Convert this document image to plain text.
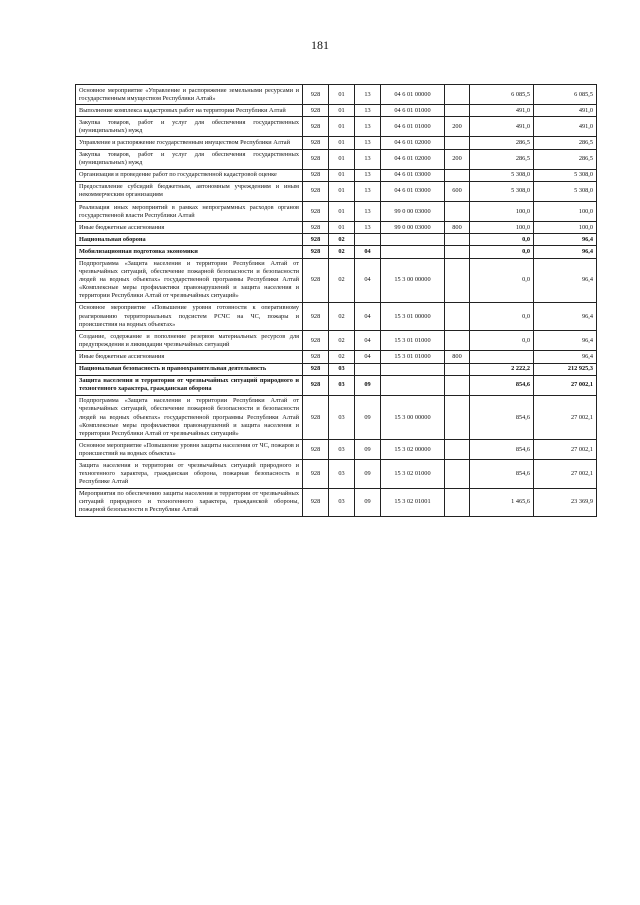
181
Основное мероприятие «Управление и распоряжение земельными ресурсами и государственным имуществом Республики Алтай»	928	01	13	04 6 01 00000		6 085,5	6 085,5
Выполнение комплекса кадастровых работ на территории Республики Алтай	928	01	13	04 6 01 01000		491,0	491,0
Закупка товаров, работ и услуг для обеспечения государственных (муниципальных) нужд	928	01	13	04 6 01 01000	200	491,0	491,0
Управление и распоряжение государственным имуществом Республики Алтай	928	01	13	04 6 01 02000		286,5	286,5
Закупка товаров, работ и услуг для обеспечения государственных (муниципальных) нужд	928	01	13	04 6 01 02000	200	286,5	286,5
Организация и проведение работ по государственной кадастровой оценке	928	01	13	04 6 01 03000		5 308,0	5 308,0
Предоставление субсидий бюджетным, автономным учреждениям и иным некоммерческим организациям	928	01	13	04 6 01 03000	600	5 308,0	5 308,0
Реализация иных мероприятий в рамках непрограммных расходов органов государственной власти Республики Алтай	928	01	13	99 0 00 03000		100,0	100,0
Иные бюджетные ассигнования	928	01	13	99 0 00 03000	800	100,0	100,0
Национальная оборона	928	02				0,0	96,4
Мобилизационная подготовка экономики	928	02	04			0,0	96,4
Подпрограмма «Защита населения и территории Республики Алтай от чрезвычайных ситуаций, обеспечение пожарной безопасности и безопасности людей на водных объектах» государственной программы Республики Алтай «Комплексные меры профилактики правонарушений и защита населения и территории Республики Алтай от чрезвычайных ситуаций»	928	02	04	15 3 00 00000		0,0	96,4
Основное мероприятие «Повышение уровня готовности к оперативному реагированию территориальных подсистем РСЧС на ЧС, пожары и происшествия на водных объектах»	928	02	04	15 3 01 00000		0,0	96,4
Создание, содержание и пополнение резервов материальных ресурсов для предупреждения и ликвидации чрезвычайных ситуаций	928	02	04	15 3 01 01000		0,0	96,4
Иные бюджетные ассигнования	928	02	04	15 3 01 01000	800		96,4
Национальная безопасность и правоохранительная деятельность	928	03				2 222,2	212 925,3
Защита населения и территории от чрезвычайных ситуаций природного и техногенного характера, гражданская оборона	928	03	09			854,6	27 002,1
Подпрограмма «Защита населения и территории Республики Алтай от чрезвычайных ситуаций, обеспечение пожарной безопасности и безопасности людей на водных объектах» государственной программы Республики Алтай «Комплексные меры профилактики правонарушений и защита населения и территории Республики Алтай от чрезвычайных ситуаций»	928	03	09	15 3 00 00000		854,6	27 002,1
Основное мероприятие «Повышение уровня защиты населения от ЧС, пожаров и происшествий на водных объектах»	928	03	09	15 3 02 00000		854,6	27 002,1
Защита населения и территории от чрезвычайных ситуаций природного и техногенного характера, гражданская оборона, пожарная безопасность в Республике Алтай	928	03	09	15 3 02 01000		854,6	27 002,1
Мероприятия по обеспечению защиты населения и территории от чрезвычайных ситуаций природного и техногенного характера, гражданской обороны, пожарной безопасности в Республике Алтай	928	03	09	15 3 02 01001		1 465,6	23 369,9
